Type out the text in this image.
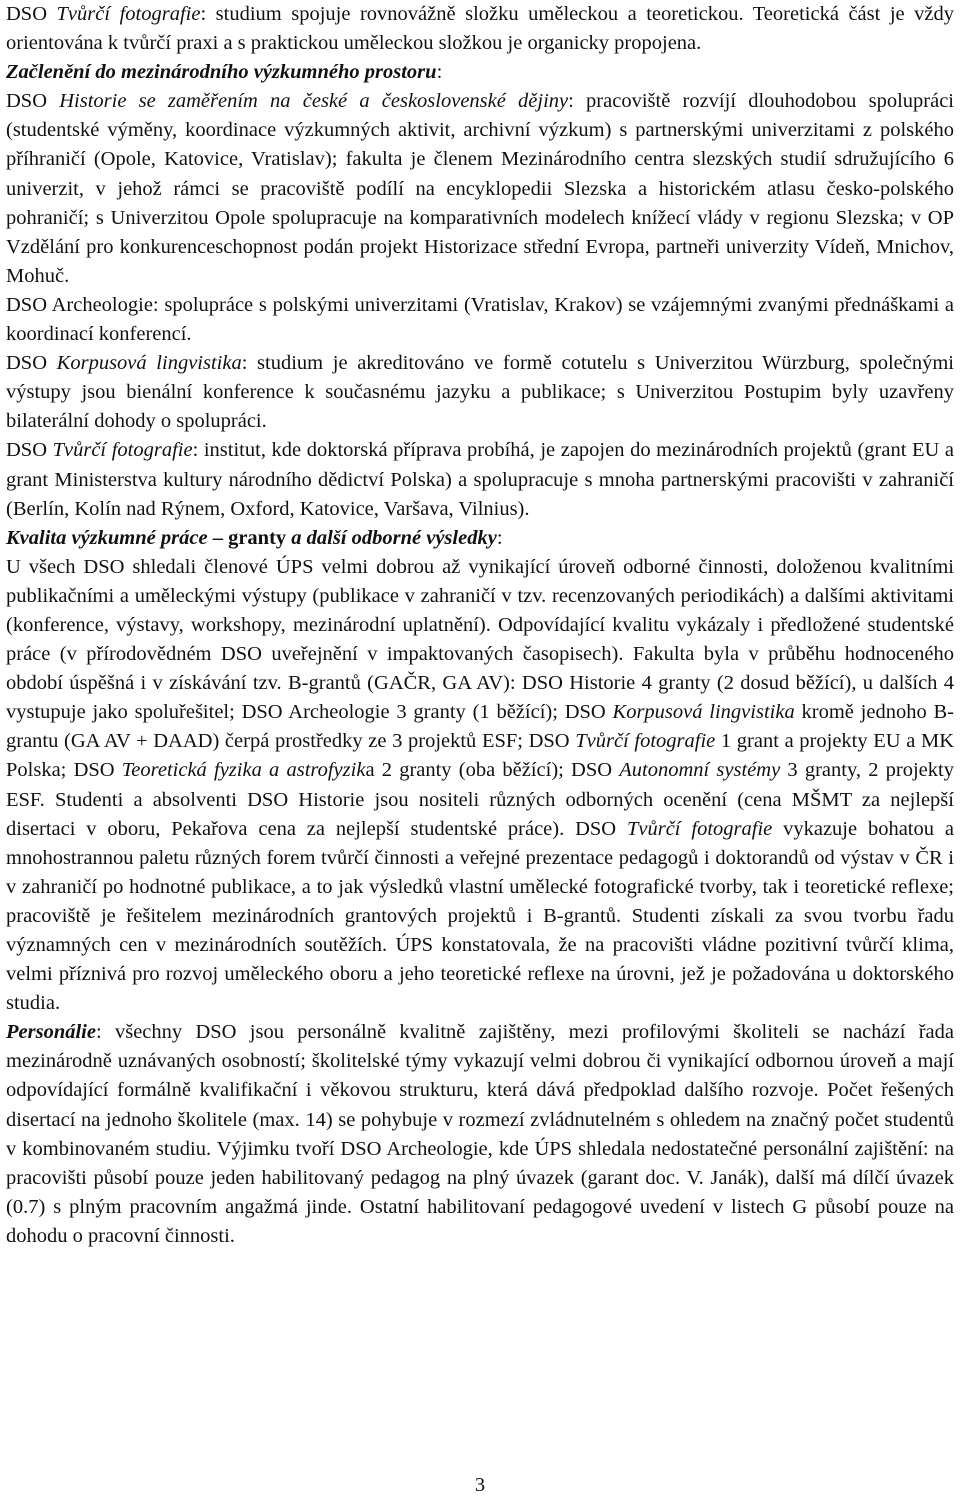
DSO Tvůrčí fotografie: studium spojuje rovnovážně složku uměleckou a teoretickou. Teoretická část je vždy orientována k tvůrčí praxi a s praktickou uměleckou složkou je organicky propojena.

Začlenění do mezinárodního výzkumného prostoru:

DSO Historie se zaměřením na české a československé dějiny: pracoviště rozvíjí dlouhodobou spolupráci (studentské výměny, koordinace výzkumných aktivit, archivní výzkum) s partnerskými univerzitami z polského příhraničí (Opole, Katovice, Vratislav); fakulta je členem Mezinárodního centra slezských studií sdružujícího 6 univerzit, v jehož rámci se pracoviště podílí na encyklopedii Slezska a historickém atlasu česko-polského pohraničí; s Univerzitou Opole spolupracuje na komparativních modelech knížecí vlády v regionu Slezska; v OP Vzdělání pro konkurenceschopnost podán projekt Historizace střední Evropa, partneři univerzity Vídeň, Mnichov, Mohuč.

DSO Archeologie: spolupráce s polskými univerzitami (Vratislav, Krakov) se vzájemnými zvanými přednáškami a koordinací konferencí.

DSO Korpusová lingvistika: studium je akreditováno ve formě cotutelu s Univerzitou Würzburg, společnými výstupy jsou bienální konference k současnému jazyku a publikace; s Univerzitou Postupim byly uzavřeny bilaterální dohody o spolupráci.

DSO Tvůrčí fotografie: institut, kde doktorská příprava probíhá, je zapojen do mezinárodních projektů (grant EU a grant Ministerstva kultury národního dědictví Polska) a spolupracuje s mnoha partnerskými pracovišti v zahraničí (Berlín, Kolín nad Rýnem, Oxford, Katovice, Varšava, Vilnius).

Kvalita výzkumné práce – granty a další odborné výsledky:

U všech DSO shledali členové ÚPS velmi dobrou až vynikající úroveň odborné činnosti, doloženou kvalitními publikačními a uměleckými výstupy (publikace v zahraničí v tzv. recenzovaných periodikách) a dalšími aktivitami (konference, výstavy, workshopy, mezinárodní uplatnění). Odpovídající kvalitu vykázaly i předložené studentské práce (v přírodovědném DSO uveřejnění v impaktovaných časopisech). Fakulta byla v průběhu hodnoceného období úspěšná i v získávání tzv. B-grantů (GAČR, GA AV): DSO Historie 4 granty (2 dosud běžící), u dalších 4 vystupuje jako spoluřešitel; DSO Archeologie 3 granty (1 běžící); DSO Korpusová lingvistika kromě jednoho B-grantu (GA AV + DAAD) čerpá prostředky ze 3 projektů ESF; DSO Tvůrčí fotografie 1 grant a projekty EU a MK Polska; DSO Teoretická fyzika a astrofyzika 2 granty (oba běžící); DSO Autonomní systémy 3 granty, 2 projekty ESF. Studenti a absolventi DSO Historie jsou nositeli různých odborných ocenění (cena MŠMT za nejlepší disertaci v oboru, Pekařova cena za nejlepší studentské práce). DSO Tvůrčí fotografie vykazuje bohatou a mnohostrannou paletu různých forem tvůrčí činnosti a veřejné prezentace pedagogů i doktorandů od výstav v ČR i v zahraničí po hodnotné publikace, a to jak výsledků vlastní umělecké fotografické tvorby, tak i teoretické reflexe; pracoviště je řešitelem mezinárodních grantových projektů i B-grantů. Studenti získali za svou tvorbu řadu významných cen v mezinárodních soutěžích. ÚPS konstatovala, že na pracovišti vládne pozitivní tvůrčí klima, velmi příznivá pro rozvoj uměleckého oboru a jeho teoretické reflexe na úrovni, jež je požadována u doktorského studia.

Personálie: všechny DSO jsou personálně kvalitně zajištěny, mezi profilovými školiteli se nachází řada mezinárodně uznávaných osobností; školitelské týmy vykazují velmi dobrou či vynikající odbornou úroveň a mají odpovídající formálně kvalifikační i věkovou strukturu, která dává předpoklad dalšího rozvoje. Počet řešených disertací na jednoho školitele (max. 14) se pohybuje v rozmezí zvládnutelném s ohledem na značný počet studentů v kombinovaném studiu. Výjimku tvoří DSO Archeologie, kde ÚPS shledala nedostatečné personální zajištění: na pracovišti působí pouze jeden habilitovaný pedagog na plný úvazek (garant doc. V. Janák), další má dílčí úvazek (0.7) s plným pracovním angažmá jinde. Ostatní habilitovaní pedagogové uvedení v listech G působí pouze na dohodu o pracovní činnosti.

3
